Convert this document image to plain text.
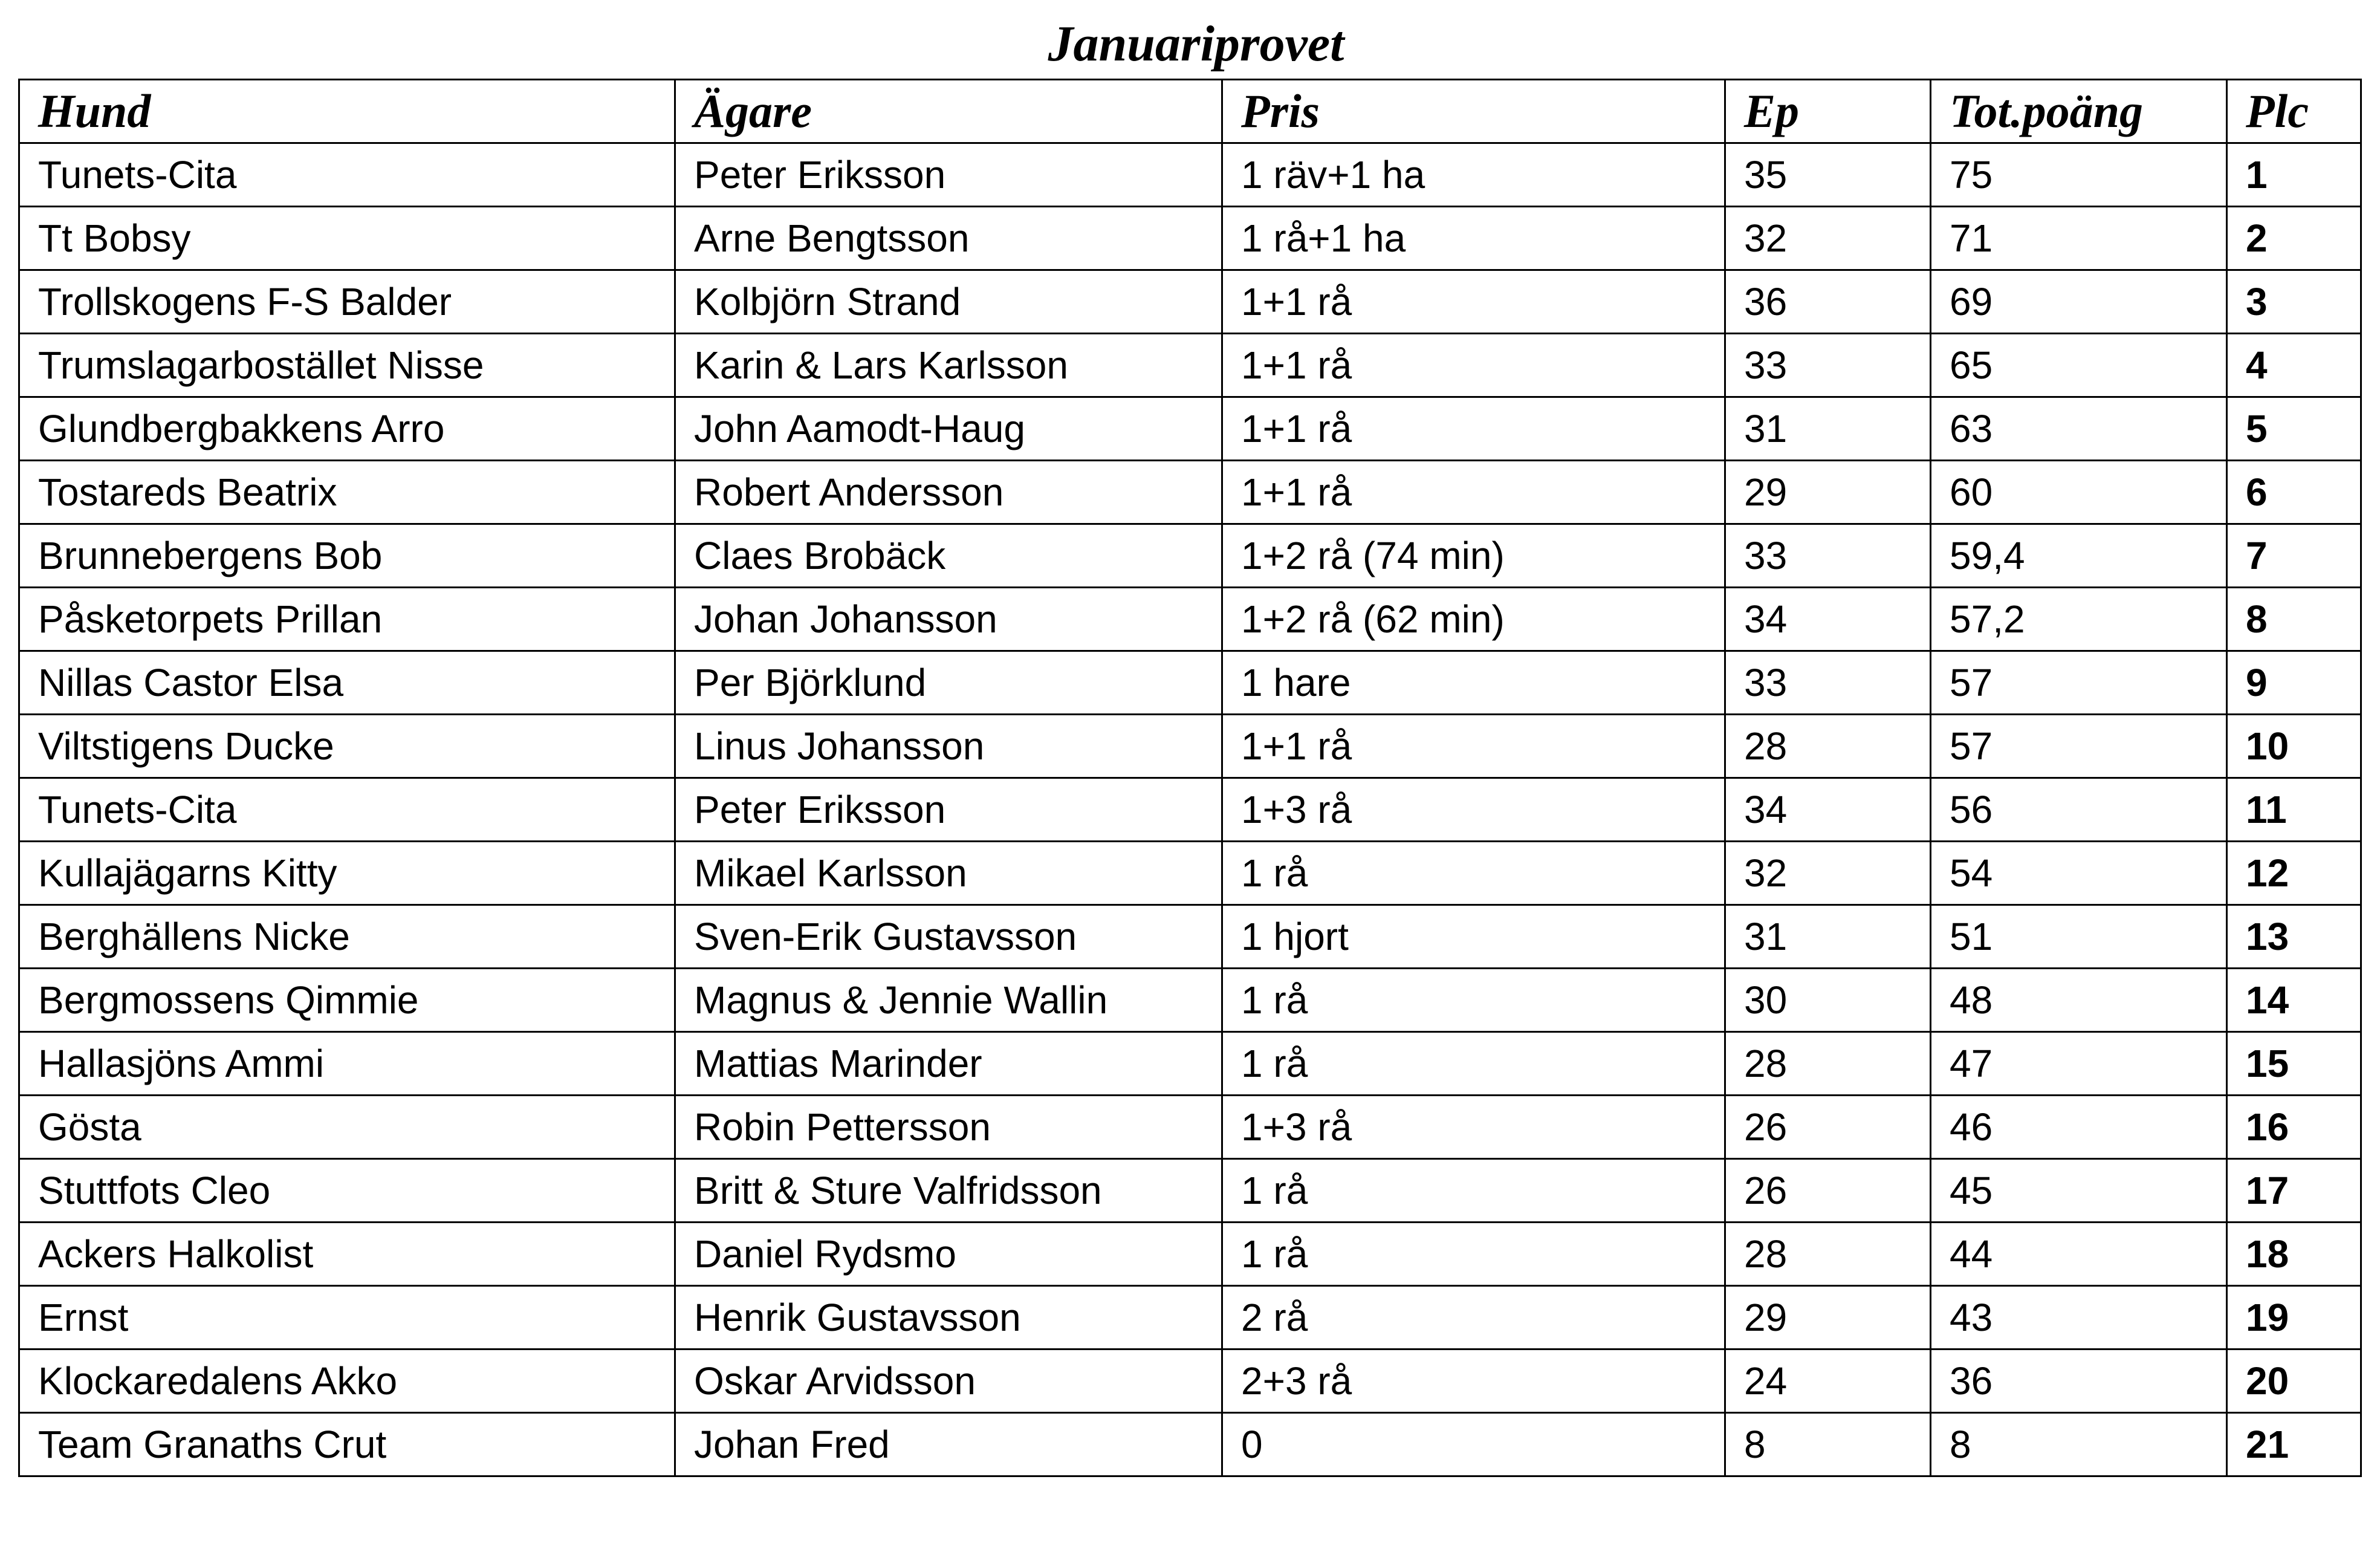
Januariprovet
Hund	Ägare	Pris	Ep	Tot.poäng	Plc
Tunets-Cita	Peter Eriksson	1 räv+1 ha	35	75	1
Tt Bobsy	Arne Bengtsson	1 rå+1 ha	32	71	2
Trollskogens F-S Balder	Kolbjörn Strand	1+1 rå	36	69	3
Trumslagarbostället Nisse	Karin & Lars Karlsson	1+1 rå	33	65	4
Glundbergbakkens Arro	John Aamodt-Haug	1+1 rå	31	63	5
Tostareds Beatrix	Robert Andersson	1+1 rå	29	60	6
Brunnebergens Bob	Claes Brobäck	1+2 rå (74 min)	33	59,4	7
Påsketorpets Prillan	Johan Johansson	1+2 rå (62 min)	34	57,2	8
Nillas Castor Elsa	Per Björklund	1 hare	33	57	9
Viltstigens Ducke	Linus Johansson	1+1 rå	28	57	10
Tunets-Cita	Peter Eriksson	1+3 rå	34	56	11
Kullajägarns Kitty	Mikael Karlsson	1 rå	32	54	12
Berghällens Nicke	Sven-Erik Gustavsson	1 hjort	31	51	13
Bergmossens Qimmie	Magnus & Jennie Wallin	1 rå	30	48	14
Hallasjöns Ammi	Mattias Marinder	1 rå	28	47	15
Gösta	Robin Pettersson	1+3 rå	26	46	16
Stuttfots Cleo	Britt & Sture Valfridsson	1 rå	26	45	17
Ackers Halkolist	Daniel Rydsmo	1 rå	28	44	18
Ernst	Henrik Gustavsson	2 rå	29	43	19
Klockaredalens Akko	Oskar Arvidsson	2+3 rå	24	36	20
Team Granaths Crut	Johan Fred	0	8	8	21
